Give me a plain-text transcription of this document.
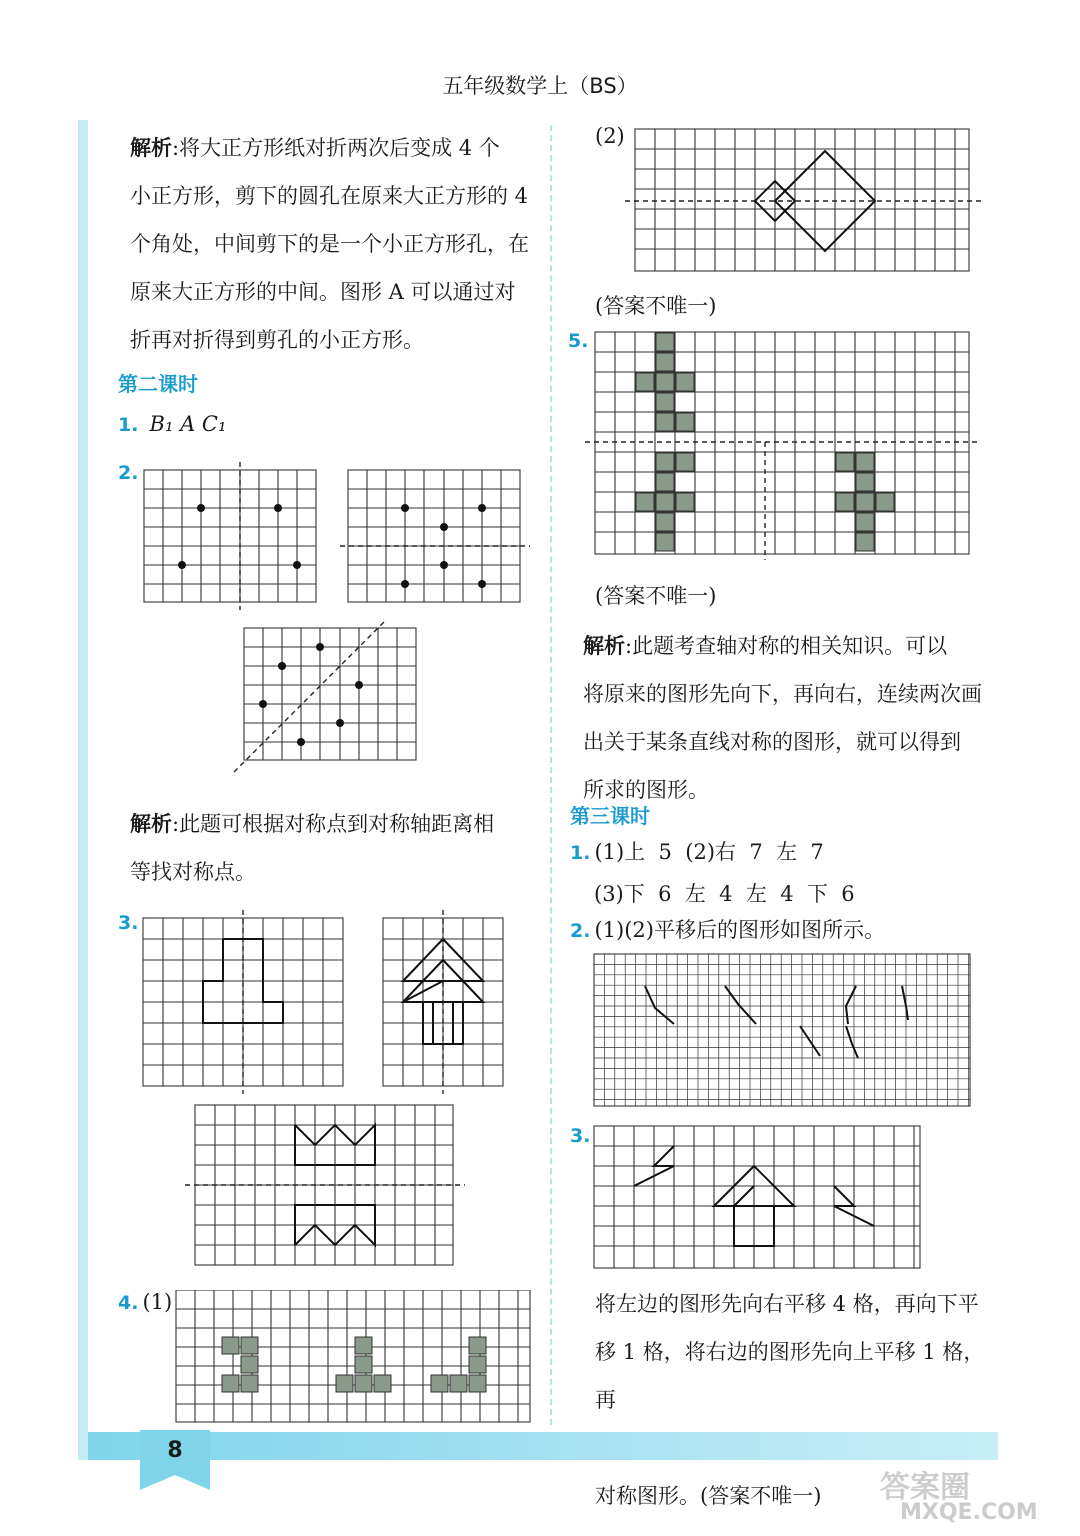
五年级数学上（BS）
解析:将大正方形纸对折两次后变成 4 个
小正方形，剪下的圆孔在原来大正方形的 4
个角处，中间剪下的是一个小正方形孔，在
原来大正方形的中间。图形 A 可以通过对
折再对折得到剪孔的小正方形。
第二课时
1. B₁ A C₁
2.
解析:此题可根据对称点到对称轴距离相
等找对称点。
3.
4. (1)
(2)
(答案不唯一)
5.
(答案不唯一)
解析:此题考查轴对称的相关知识。可以
将原来的图形先向下，再向右，连续两次画
出关于某条直线对称的图形，就可以得到
所求的图形。
第三课时
1. (1)上  5  (2)右  7  左  7
(3)下  6  左  4  左  4  下  6
2. (1)(2)平移后的图形如图所示。
3.
将左边的图形先向右平移 4 格，再向下平
移 1 格，将右边的图形先向上平移 1 格，再
对称图形。(答案不唯一)
8
答案圈
MXQE.COM
